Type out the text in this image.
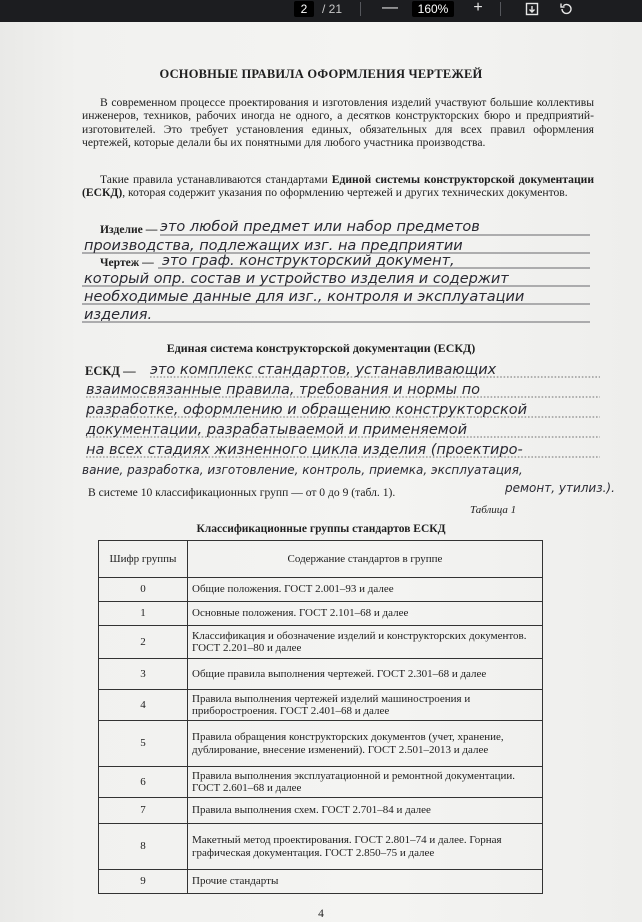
2	/ 21 —	160%	+
ОСНОВНЫЕ ПРАВИЛА ОФОРМЛЕНИЯ ЧЕРТЕЖЕЙ

В современном процессе проектирования и изготовления изделий участвуют большие коллективы инженеров, техников, рабочих иногда не одного, а десятков конструкторских бюро и предприятий-изготовителей. Это требует установления единых, обязательных для всех правил оформления чертежей, которые делали бы их понятными для любого участника производства.

Такие правила устанавливаются стандартами Единой системы конструкторской документации (ЕСКД), которая содержит указания по оформлению чертежей и других технических документов.

Изделие —
Чертеж —
Единая система конструкторской документации (ЕСКД)
ЕСКД —
это любой предмет или набор предметов
производства, подлежащих изг. на предприятии
это граф. конструкторский документ,
который опр. состав и устройство изделия и содержит
необходимые данные для изг., контроля и эксплуатации
изделия.
это комплекс стандартов, устанавливающих
взаимосвязанные правила, требования и нормы по
разработке, оформлению и обращению конструкторской
документации, разрабатываемой и применяемой
на всех стадиях жизненного цикла изделия (проектиро-
вание, разработка, изготовление, контроль, приемка, эксплуатация,
ремонт, утилиз.).
В системе 10 классификационных групп — от 0 до 9 (табл. 1).
Таблица 1
Классификационные группы стандартов ЕСКД
Шифр группы	Содержание стандартов в группе
0	Общие положения. ГОСТ 2.001–93 и далее
1	Основные положения. ГОСТ 2.101–68 и далее
2	Классификация и обозначение изделий и конструкторских документов. ГОСТ 2.201–80 и далее
3	Общие правила выполнения чертежей. ГОСТ 2.301–68 и далее
4	Правила выполнения чертежей изделий машиностроения и приборостроения. ГОСТ 2.401–68 и далее
5	Правила обращения конструкторских документов (учет, хранение, дублирование, внесение изменений). ГОСТ 2.501–2013 и далее
6	Правила выполнения эксплуатационной и ремонтной документации. ГОСТ 2.601–68 и далее
7	Правила выполнения схем. ГОСТ 2.701–84 и далее
8	Макетный метод проектирования. ГОСТ 2.801–74 и далее. Горная графическая документация. ГОСТ 2.850–75 и далее
9	Прочие стандарты
4
